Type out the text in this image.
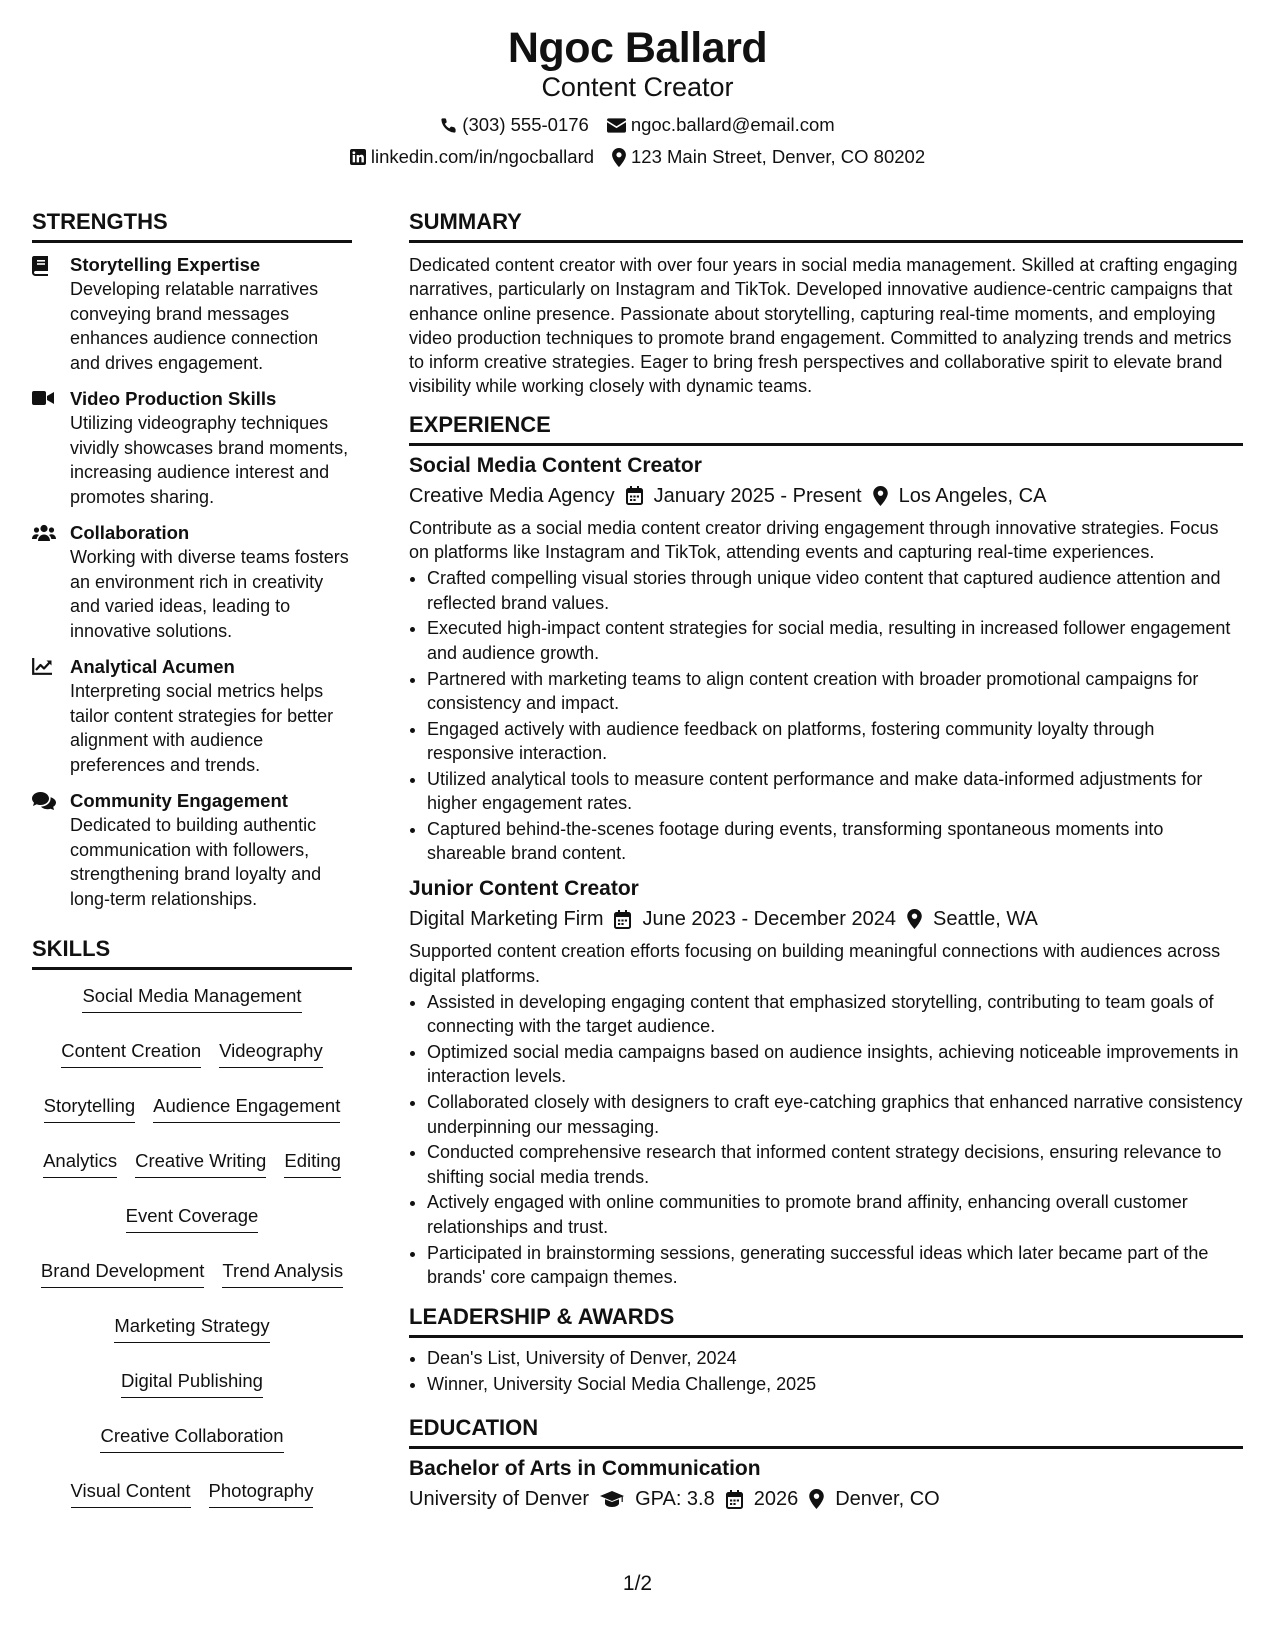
Ngoc Ballard
Content Creator
(303) 555-0176 ngoc.ballard@email.com
linkedin.com/in/ngocballard 123 Main Street, Denver, CO 80202
STRENGTHS
Storytelling Expertise
Developing relatable narratives conveying brand messages enhances audience connection and drives engagement.
Video Production Skills
Utilizing videography techniques vividly showcases brand moments, increasing audience interest and promotes sharing.
Collaboration
Working with diverse teams fosters an environment rich in creativity and varied ideas, leading to innovative solutions.
Analytical Acumen
Interpreting social metrics helps tailor content strategies for better alignment with audience preferences and trends.
Community Engagement
Dedicated to building authentic communication with followers, strengthening brand loyalty and long-term relationships.
SKILLS
Social Media Management
Content Creation Videography
Storytelling Audience Engagement
Analytics Creative Writing Editing
Event Coverage
Brand Development Trend Analysis
Marketing Strategy
Digital Publishing
Creative Collaboration
Visual Content Photography
SUMMARY

Dedicated content creator with over four years in social media management. Skilled at crafting engaging narratives, particularly on Instagram and TikTok. Developed innovative audience-centric campaigns that enhance online presence. Passionate about storytelling, capturing real-time moments, and employing video production techniques to promote brand engagement. Committed to analyzing trends and metrics to inform creative strategies. Eager to bring fresh perspectives and collaborative spirit to elevate brand visibility while working closely with dynamic teams.

EXPERIENCE
Social Media Content Creator
Creative Media Agency January 2025 - Present Los Angeles, CA

Contribute as a social media content creator driving engagement through innovative strategies. Focus on platforms like Instagram and TikTok, attending events and capturing real-time experiences.

• Crafted compelling visual stories through unique video content that captured audience attention and reflected brand values.
• Executed high-impact content strategies for social media, resulting in increased follower engagement and audience growth.
• Partnered with marketing teams to align content creation with broader promotional campaigns for consistency and impact.
• Engaged actively with audience feedback on platforms, fostering community loyalty through responsive interaction.
• Utilized analytical tools to measure content performance and make data-informed adjustments for higher engagement rates.
• Captured behind-the-scenes footage during events, transforming spontaneous moments into shareable brand content.
Junior Content Creator
Digital Marketing Firm June 2023 - December 2024 Seattle, WA

Supported content creation efforts focusing on building meaningful connections with audiences across digital platforms.

• Assisted in developing engaging content that emphasized storytelling, contributing to team goals of connecting with the target audience.
• Optimized social media campaigns based on audience insights, achieving noticeable improvements in interaction levels.
• Collaborated closely with designers to craft eye-catching graphics that enhanced narrative consistency underpinning our messaging.
• Conducted comprehensive research that informed content strategy decisions, ensuring relevance to shifting social media trends.
• Actively engaged with online communities to promote brand affinity, enhancing overall customer relationships and trust.
• Participated in brainstorming sessions, generating successful ideas which later became part of the brands' core campaign themes.
LEADERSHIP & AWARDS
• Dean's List, University of Denver, 2024
• Winner, University Social Media Challenge, 2025
EDUCATION
Bachelor of Arts in Communication
University of Denver GPA: 3.8 2026 Denver, CO
1/2
